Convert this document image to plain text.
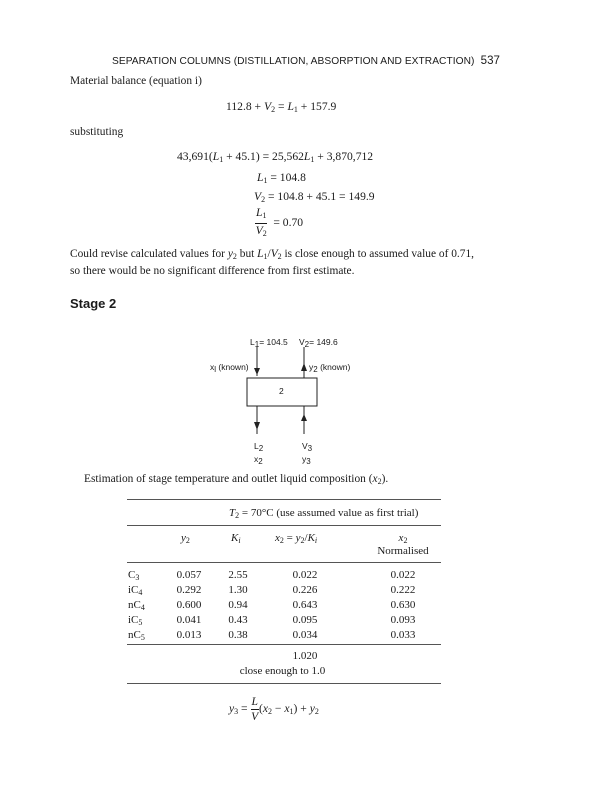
SEPARATION COLUMNS (DISTILLATION, ABSORPTION AND EXTRACTION) 537
Material balance (equation i)
$112.8 + V_2 = L_1 + 157.9$
substituting
$43,691(L_1 + 45.1) = 25,562L_1 + 3,870,712$
$L_1 = 104.8$
$V_2 = 104.8 + 45.1 = 149.9$
$\frac{L_1}{V_2} = 0.70$
Could revise calculated values for $y_2$ but $L_1/V_2$ is close enough to assumed value of 0.71,
so there would be no significant difference from first estimate.
Stage 2
$L_1= 104.5$ $V_2= 149.6$
$x_l$ (known)	$y_2$ (known)
2
$L_2$	$V_3$
$x_2$	$y_3$
Estimation of stage temperature and outlet liquid composition $(x_2)$.
$T_2 = 70^\circ C$ (use assumed value as first trial)
$y_2$	$K_i$	$x_2 = y_2/K_i$	$x_2$
Normalised
$C_3$	0.057	2.55	0.022	0.022
$iC_4$	0.292	1.30	0.226	0.222
$nC_4$	0.600	0.94	0.643	0.630
$iC_5$	0.041	0.43	0.095	0.093
$nC_5$	0.013	0.38	0.034	0.033
1.020
close enough to 1.0
$y_3 = \frac{L}{V} (x_2 - x_1) + y_2$
